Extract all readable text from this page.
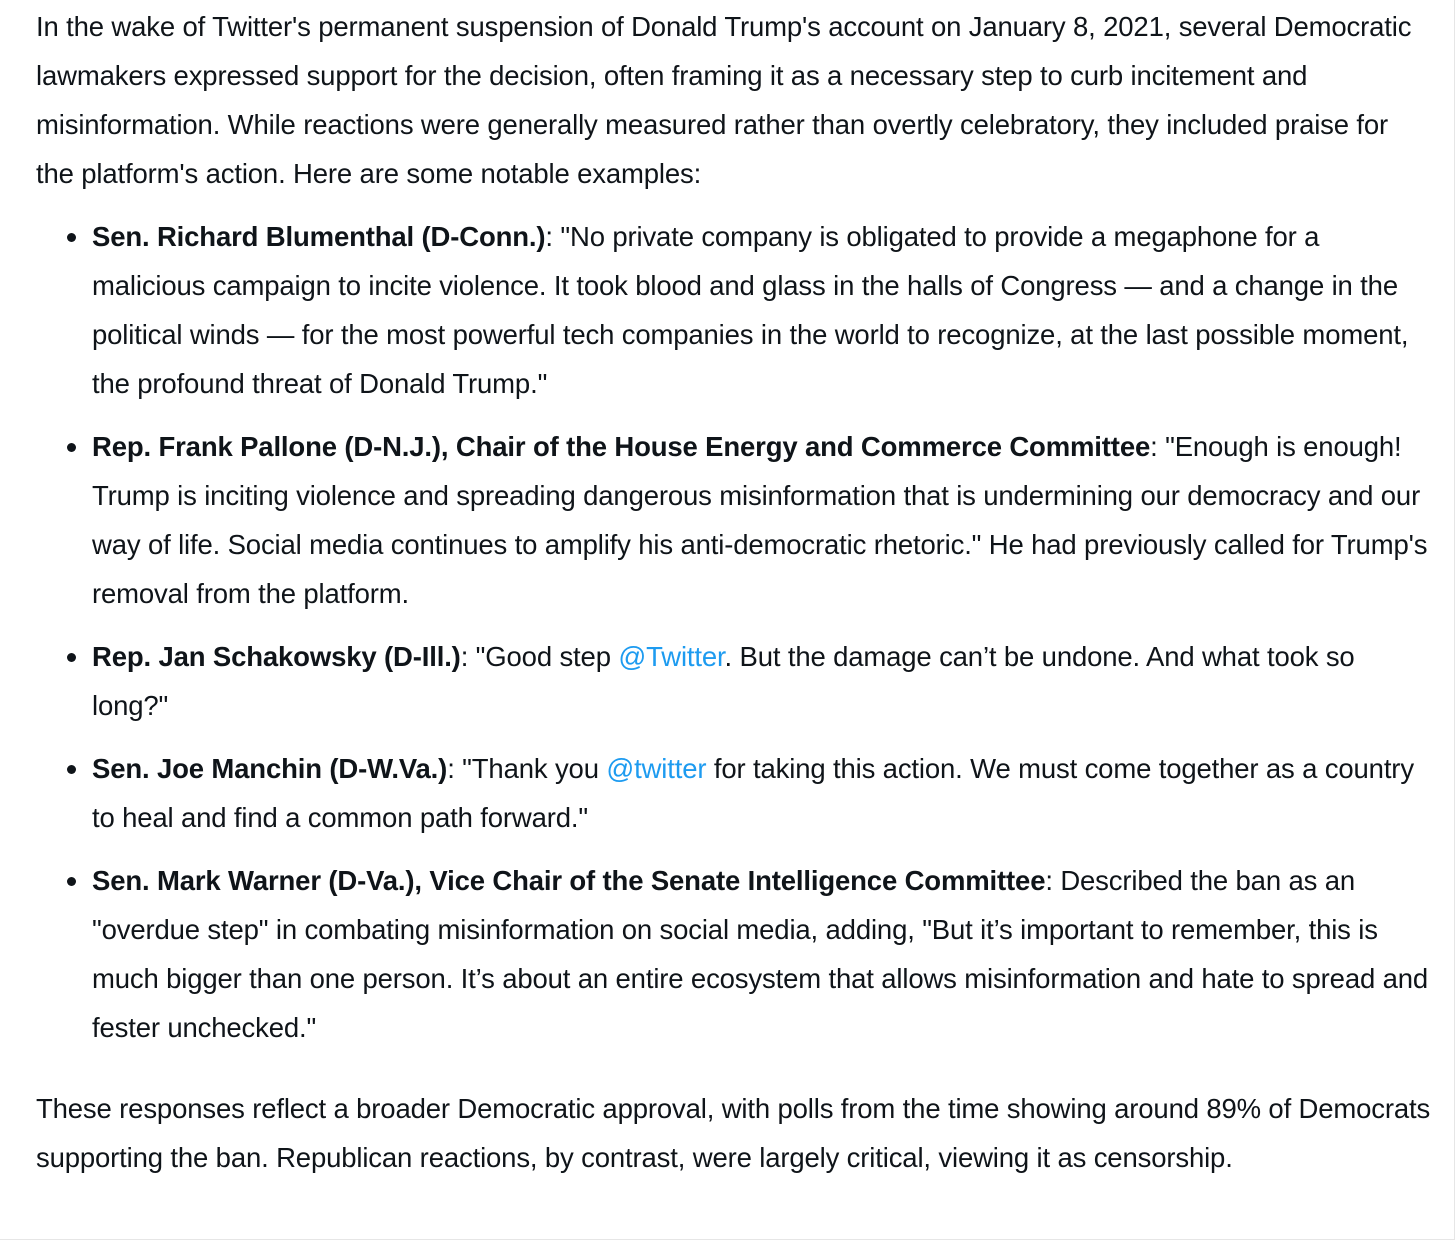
In the wake of Twitter's permanent suspension of Donald Trump's account on January 8, 2021, several Democratic lawmakers expressed support for the decision, often framing it as a necessary step to curb incitement and misinformation. While reactions were generally measured rather than overtly celebratory, they included praise for the platform's action. Here are some notable examples:

Sen. Richard Blumenthal (D-Conn.): "No private company is obligated to provide a megaphone for a malicious campaign to incite violence. It took blood and glass in the halls of Congress — and a change in the political winds — for the most powerful tech companies in the world to recognize, at the last possible moment, the profound threat of Donald Trump."
Rep. Frank Pallone (D-N.J.), Chair of the House Energy and Commerce Committee: "Enough is enough! Trump is inciting violence and spreading dangerous misinformation that is undermining our democracy and our way of life. Social media continues to amplify his anti-democratic rhetoric." He had previously called for Trump's removal from the platform.
Rep. Jan Schakowsky (D-Ill.): "Good step @Twitter. But the damage can’t be undone. And what took so long?"
Sen. Joe Manchin (D-W.Va.): "Thank you @twitter for taking this action. We must come together as a country to heal and find a common path forward."
Sen. Mark Warner (D-Va.), Vice Chair of the Senate Intelligence Committee: Described the ban as an "overdue step" in combating misinformation on social media, adding, "But it’s important to remember, this is much bigger than one person. It’s about an entire ecosystem that allows misinformation and hate to spread and fester unchecked."

These responses reflect a broader Democratic approval, with polls from the time showing around 89% of Democrats supporting the ban. Republican reactions, by contrast, were largely critical, viewing it as censorship.
